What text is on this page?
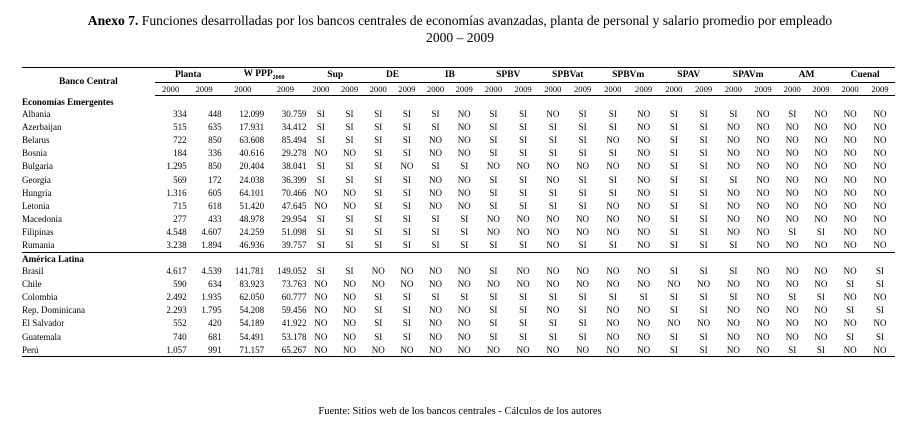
Anexo 7. Funciones desarrolladas por los bancos centrales de economías avanzadas, planta de personal y salario promedio por empleado
2000 – 2009
Banco Central	Planta		W $PPP_{2000}$		Sup		DE		IB		SPBV		SPBVat		SPBVm		SPAV		SPAVm		AM		Cuenal	
	2000	2009	2000	2009	2000	2009	2000	2009	2000	2009	2000	2009	2000	2009	2000	2009	2000	2009	2000	2009	2000	2009	2000	2009
Economías Emergentes																								
Albania	334	448	12.099	30.759	SI	SI	SI	SI	SI	NO	SI	SI	NO	SI	SI	NO	SI	SI	SI	NO	SI	NO	NO	NO
Azerbaijan	515	635	17.931	34.412	SI	SI	SI	SI	SI	NO	SI	SI	SI	SI	SI	NO	SI	SI	NO	NO	NO	NO	NO	NO
Belarus	722	850	63.608	85.494	SI	SI	SI	SI	NO	NO	SI	SI	SI	SI	NO	NO	SI	SI	NO	NO	NO	NO	NO	NO
Bosnia	184	336	40.616	29.278	NO	NO	SI	SI	NO	NO	SI	SI	SI	SI	SI	NO	SI	SI	NO	NO	NO	NO	NO	NO
Bulgaria	1.295	850	20.404	38.041	SI	SI	SI	NO	SI	SI	NO	NO	NO	NO	NO	NO	SI	SI	NO	NO	NO	NO	NO	NO
Georgia	569	172	24.038	36.399	SI	SI	SI	SI	NO	NO	SI	SI	NO	SI	SI	NO	SI	SI	SI	NO	NO	NO	NO	NO
Hungría	1.316	605	64.101	70.466	NO	NO	SI	SI	NO	NO	SI	SI	SI	SI	SI	NO	SI	SI	NO	NO	NO	NO	NO	NO
Letonia	715	618	51.420	47.645	NO	NO	SI	SI	NO	NO	SI	SI	SI	SI	NO	NO	SI	SI	NO	NO	NO	NO	NO	NO
Macedonia	277	433	48.978	29.954	SI	SI	SI	SI	SI	SI	NO	NO	NO	NO	NO	NO	SI	SI	NO	NO	NO	NO	NO	NO
Filipinas	4.548	4.607	24.259	51.098	SI	SI	SI	SI	SI	SI	NO	NO	NO	NO	NO	NO	SI	SI	NO	NO	SI	SI	NO	NO
Rumania	3.238	1.894	46.936	39.757	SI	SI	SI	SI	SI	SI	SI	SI	NO	SI	SI	NO	SI	SI	SI	NO	NO	NO	NO	NO
América Latina																								
Brasil	4.617	4.539	141.781	149.052	SI	SI	NO	NO	NO	NO	SI	NO	NO	NO	NO	NO	SI	SI	SI	NO	NO	NO	NO	SI
Chile	590	634	83.923	73.763	NO	NO	NO	NO	NO	NO	NO	NO	NO	NO	NO	NO	NO	NO	NO	NO	NO	NO	SI	SI
Colombia	2.492	1.935	62.050	60.777	NO	NO	SI	SI	SI	SI	SI	SI	SI	SI	SI	SI	SI	SI	SI	NO	SI	SI	NO	NO
Rep. Dominicana	2.293	1.795	54.208	59.456	NO	NO	SI	SI	NO	NO	SI	SI	NO	SI	NO	NO	SI	SI	NO	NO	NO	NO	SI	SI
El Salvador	552	420	54.189	41.922	NO	NO	SI	SI	NO	NO	SI	SI	SI	SI	NO	NO	NO	NO	NO	NO	NO	NO	NO	NO
Guatemala	740	681	54.491	53.178	NO	NO	SI	SI	NO	NO	SI	SI	SI	SI	NO	NO	SI	SI	NO	NO	NO	NO	SI	SI
Perú	1.057	991	71.157	65.267	NO	NO	NO	NO	NO	NO	NO	NO	NO	NO	NO	NO	SI	SI	NO	NO	SI	SI	NO	NO
Fuente: Sitios web de los bancos centrales - Cálculos de los autores
